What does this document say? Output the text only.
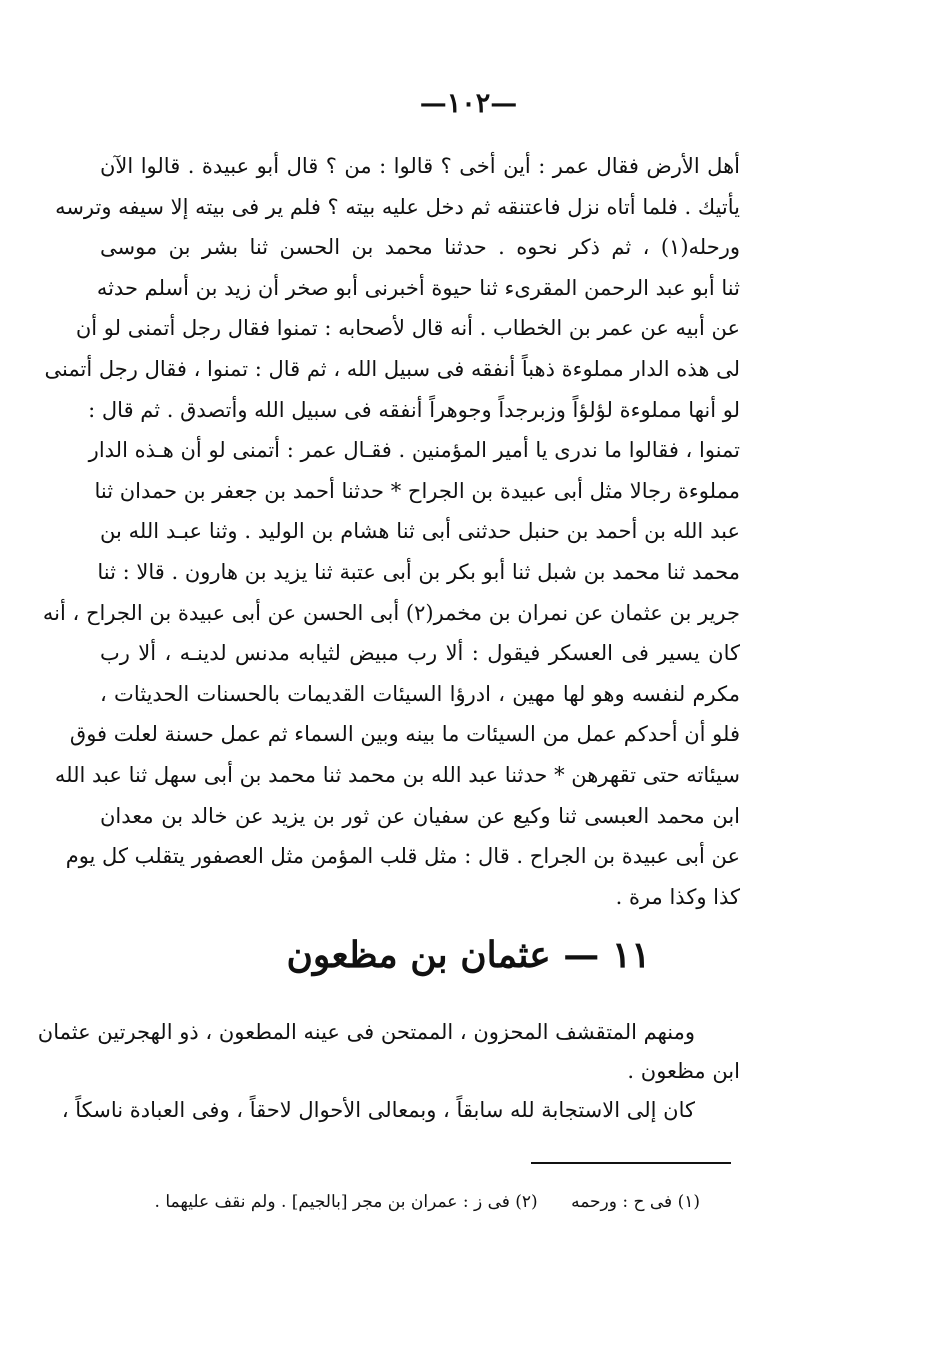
—١٠٢—
أهل الأرض فقال عمر : أين أخى ؟ قالوا : من ؟ قال أبو عبيدة . قالوا الآن
يأتيك . فلما أتاه نزل فاعتنقه ثم دخل عليه بيته ؟ فلم ير فى بيته إلا سيفه وترسه
ورحله(١) ، ثم ذكر نحوه . حدثنا محمد بن الحسن ثنا بشر بن موسى
ثنا أبو عبد الرحمن المقرىء ثنا حيوة أخبرنى أبو صخر أن زيد بن أسلم حدثه
عن أبيه عن عمر بن الخطاب . أنه قال لأصحابه : تمنوا فقال رجل أتمنى لو أن
لى هذه الدار مملوءة ذهباً أنفقه فى سبيل الله ، ثم قال : تمنوا ، فقال رجل أتمنى
لو أنها مملوءة لؤلؤاً وزبرجداً وجوهراً أنفقه فى سبيل الله وأتصدق . ثم قال :
تمنوا ، فقالوا ما ندرى يا أمير المؤمنين . فقـال عمر : أتمنى لو أن هـذه الدار
مملوءة رجالا مثل أبى عبيدة بن الجراح * حدثنا أحمد بن جعفر بن حمدان ثنا
عبد الله بن أحمد بن حنبل حدثنى أبى ثنا هشام بن الوليد . وثنا عبـد الله بن
محمد ثنا محمد بن شبل ثنا أبو بكر بن أبى عتبة ثنا يزيد بن هارون . قالا : ثنا
جرير بن عثمان عن نمران بن مخمر(٢) أبى الحسن عن أبى عبيدة بن الجراح ، أنه
كان يسير فى العسكر فيقول : ألا رب مبيض لثيابه مدنس لدينـه ، ألا رب
مكرم لنفسه وهو لها مهين ، ادرؤا السيئات القديمات بالحسنات الحديثات ،
فلو أن أحدكم عمل من السيئات ما بينه وبين السماء ثم عمل حسنة لعلت فوق
سيئاته حتى تقهرهن * حدثنا عبد الله بن محمد ثنا محمد بن أبى سهل ثنا عبد الله
ابن محمد العبسى ثنا وكيع عن سفيان عن ثور بن يزيد عن خالد بن معدان
عن أبى عبيدة بن الجراح . قال : مثل قلب المؤمن مثل العصفور يتقلب كل يوم
كذا وكذا مرة .
١١ — عثمان بن مظعون
ومنهم المتقشف المحزون ، الممتحن فى عينه المطعون ، ذو الهجرتين عثمان
ابن مظعون .
كان إلى الاستجابة لله سابقاً ، وبمعالى الأحوال لاحقاً ، وفى العبادة ناسكاً ،
(١) فى ح : ورحمه (٢) فى ز : عمران بن مجر [بالجيم] . ولم نقف عليهما .
